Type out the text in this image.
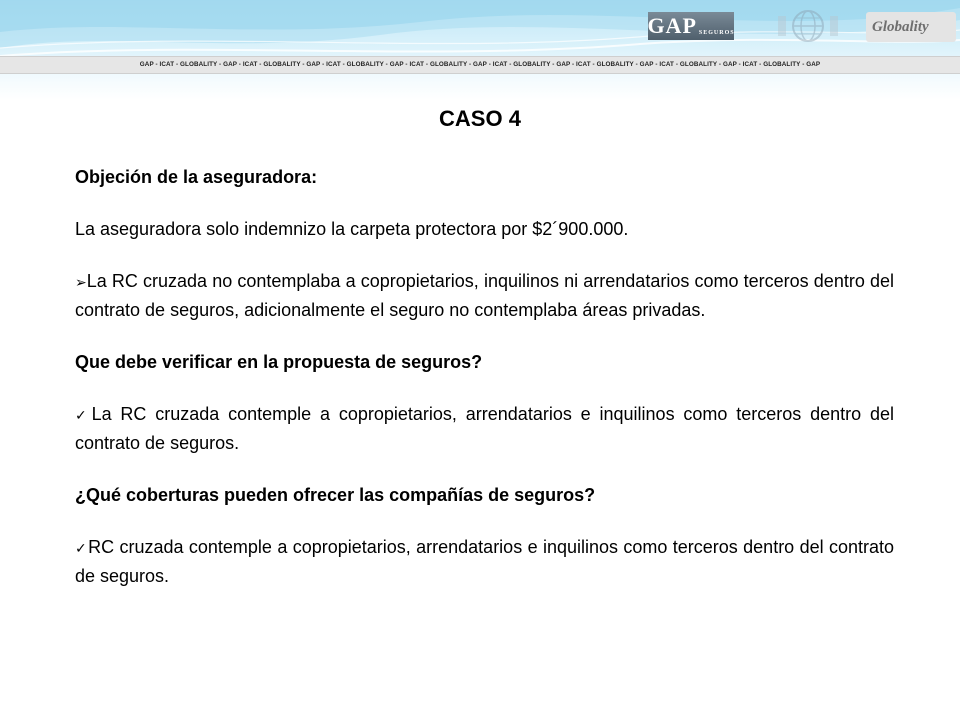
GAP SEGUROS	Globality
GAP - ICAT - GLOBALITY - GAP - ICAT - GLOBALITY - GAP - ICAT - GLOBALITY - GAP - ICAT - GLOBALITY - GAP - ICAT - GLOBALITY - GAP - ICAT - GLOBALITY - GAP - ICAT - GLOBALITY - GAP - ICAT - GLOBALITY - GAP
CASO 4

Objeción de la aseguradora:

La aseguradora solo indemnizo la carpeta protectora por $2´900.000.

➢La RC cruzada no contemplaba a copropietarios, inquilinos ni arrendatarios como terceros dentro del contrato de seguros, adicionalmente el seguro no contemplaba áreas privadas.

Que debe verificar en la propuesta de seguros?

✓La RC cruzada contemple a copropietarios, arrendatarios e inquilinos como terceros dentro del contrato de seguros.

¿Qué coberturas pueden ofrecer las compañías de seguros?

✓RC cruzada contemple a copropietarios, arrendatarios e inquilinos como terceros dentro del contrato de seguros.
